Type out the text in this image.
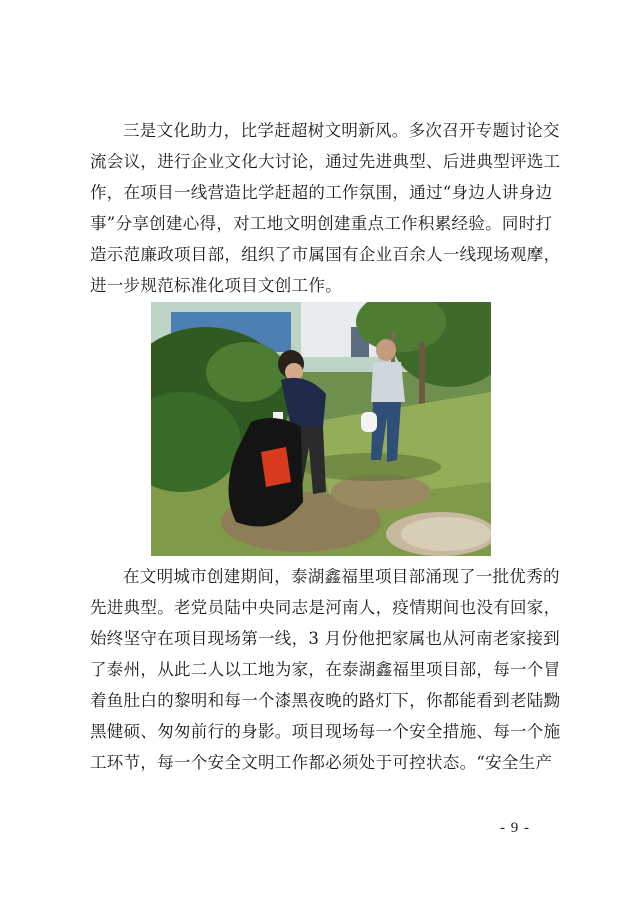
三是文化助力，比学赶超树文明新风。多次召开专题讨论交
流会议，进行企业文化大讨论，通过先进典型、后进典型评选工
作，在项目一线营造比学赶超的工作氛围，通过“身边人讲身边
事”分享创建心得，对工地文明创建重点工作积累经验。同时打
造示范廉政项目部，组织了市属国有企业百余人一线现场观摩，
进一步规范标准化项目文创工作。
在文明城市创建期间，泰湖鑫福里项目部涌现了一批优秀的
先进典型。老党员陆中央同志是河南人，疫情期间也没有回家，
始终坚守在项目现场第一线，3 月份他把家属也从河南老家接到
了泰州，从此二人以工地为家，在泰湖鑫福里项目部，每一个冒
着鱼肚白的黎明和每一个漆黑夜晚的路灯下，你都能看到老陆黝
黑健硕、匆匆前行的身影。项目现场每一个安全措施、每一个施
工环节，每一个安全文明工作都必须处于可控状态。“安全生产
- 9 -
